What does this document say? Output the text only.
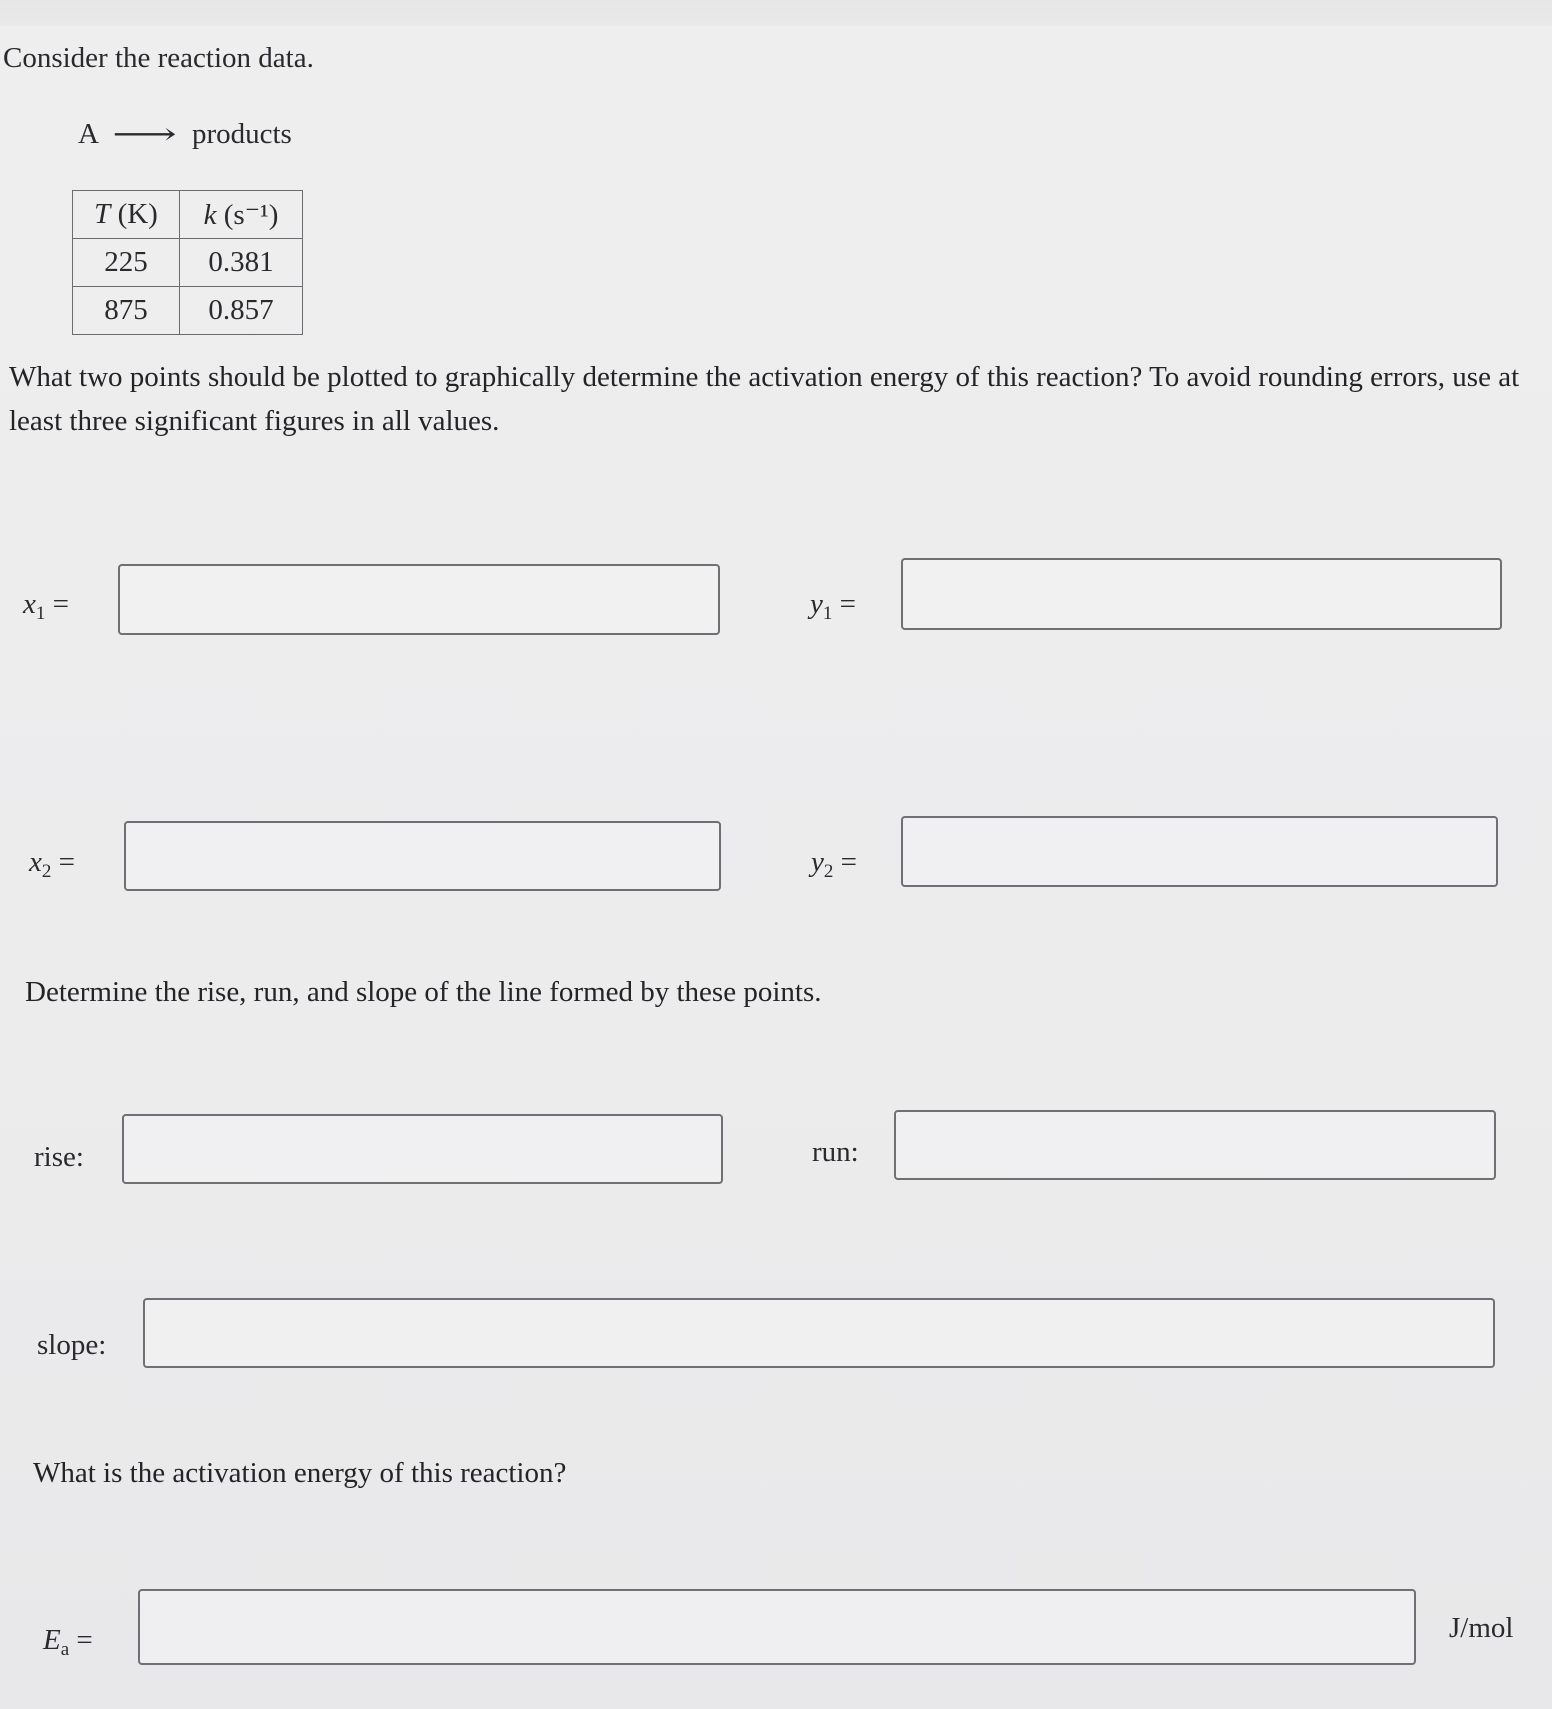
Consider the reaction data.
A ⟶ products
T (K)	k (s⁻¹)
225	0.381
875	0.857
What two points should be plotted to graphically determine the activation energy of this reaction? To avoid rounding errors, use at least three significant figures in all values.
$x_1$ =	$y_1$ =
$x_2$ =	$y_2$ =
Determine the rise, run, and slope of the line formed by these points.
rise:	run:
slope:
What is the activation energy of this reaction?
$E_a$ =	J/mol
